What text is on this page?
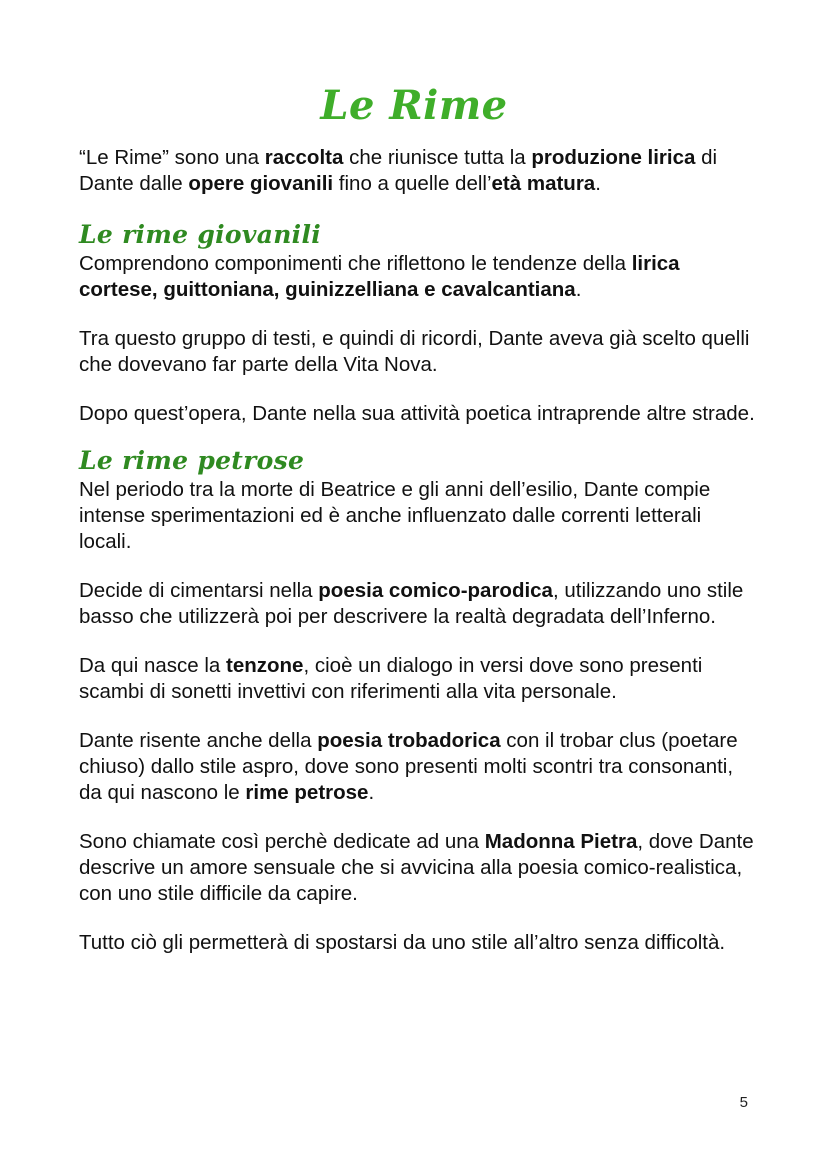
Le Rime

“Le Rime” sono una raccolta che riunisce tutta la produzione lirica di Dante dalle opere giovanili fino a quelle dell’età matura.

Le rime giovanili

Comprendono componimenti che riflettono le tendenze della lirica cortese, guittoniana, guinizzelliana e cavalcantiana.

Tra questo gruppo di testi, e quindi di ricordi, Dante aveva già scelto quelli che dovevano far parte della Vita Nova.

Dopo quest’opera, Dante nella sua attività poetica intraprende altre strade.

Le rime petrose

Nel periodo tra la morte di Beatrice e gli anni dell’esilio, Dante compie intense sperimentazioni ed è anche influenzato dalle correnti letterali locali.

Decide di cimentarsi nella poesia comico-parodica, utilizzando uno stile basso che utilizzerà poi per descrivere la realtà degradata dell’Inferno.

Da qui nasce la tenzone, cioè un dialogo in versi dove sono presenti scambi di sonetti invettivi con riferimenti alla vita personale.

Dante risente anche della poesia trobadorica con il trobar clus (poetare chiuso) dallo stile aspro, dove sono presenti molti scontri tra consonanti, da qui nascono le rime petrose.

Sono chiamate così perchè dedicate ad una Madonna Pietra, dove Dante descrive un amore sensuale che si avvicina alla poesia comico-realistica, con uno stile difficile da capire.

Tutto ciò gli permetterà di spostarsi da uno stile all’altro senza difficoltà.

5
